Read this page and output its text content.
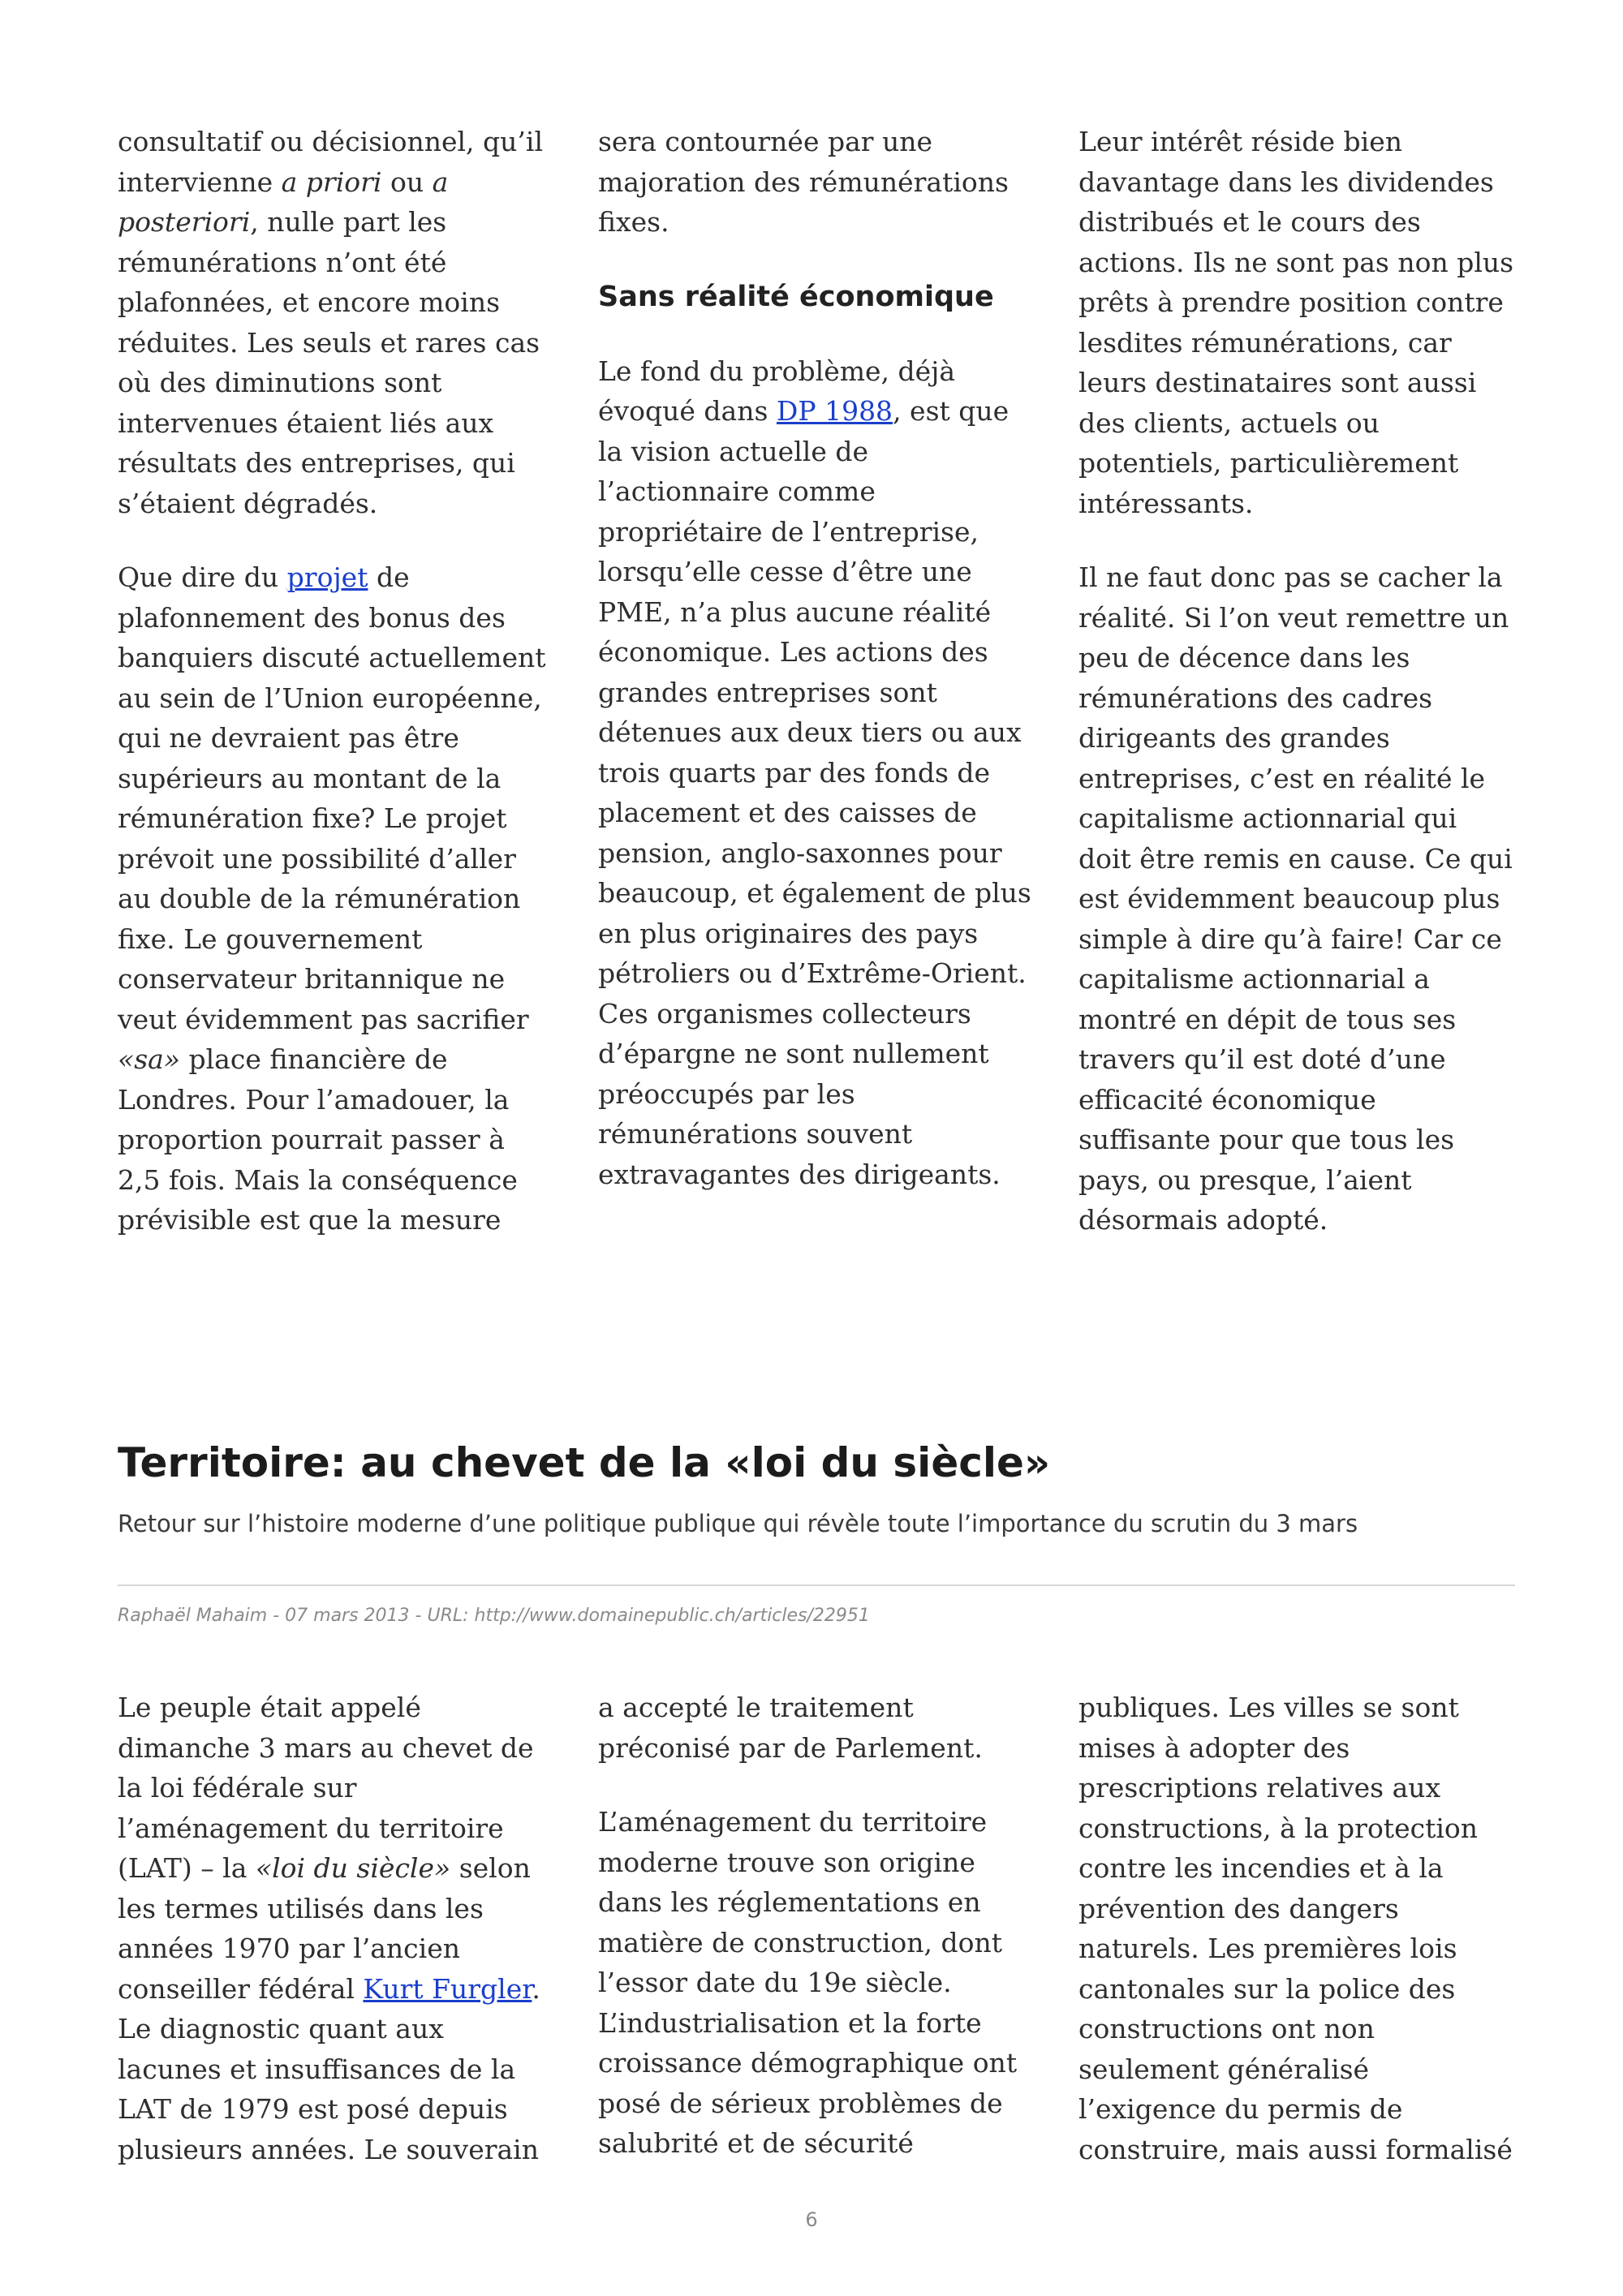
consultatif ou décisionnel, qu’il intervienne a priori ou a posteriori, nulle part les rémunérations n’ont été plafonnées, et encore moins réduites. Les seuls et rares cas où des diminutions sont intervenues étaient liés aux résultats des entreprises, qui s’étaient dégradés.

Que dire du projet de plafonnement des bonus des banquiers discuté actuellement au sein de l’Union européenne, qui ne devraient pas être supérieurs au montant de la rémunération fixe? Le projet prévoit une possibilité d’aller au double de la rémunération fixe. Le gouvernement conservateur britannique ne veut évidemment pas sacrifier «sa» place financière de Londres. Pour l’amadouer, la proportion pourrait passer à 2,5 fois. Mais la conséquence prévisible est que la mesure

sera contournée par une majoration des rémunérations fixes.

Sans réalité économique

Le fond du problème, déjà évoqué dans DP 1988, est que la vision actuelle de l’actionnaire comme propriétaire de l’entreprise, lorsqu’elle cesse d’être une PME, n’a plus aucune réalité économique. Les actions des grandes entreprises sont détenues aux deux tiers ou aux trois quarts par des fonds de placement et des caisses de pension, anglo-saxonnes pour beaucoup, et également de plus en plus originaires des pays pétroliers ou d’Extrême-Orient. Ces organismes collecteurs d’épargne ne sont nullement préoccupés par les rémunérations souvent extravagantes des dirigeants.

Leur intérêt réside bien davantage dans les dividendes distribués et le cours des actions. Ils ne sont pas non plus prêts à prendre position contre lesdites rémunérations, car leurs destinataires sont aussi des clients, actuels ou potentiels, particulièrement intéressants.

Il ne faut donc pas se cacher la réalité. Si l’on veut remettre un peu de décence dans les rémunérations des cadres dirigeants des grandes entreprises, c’est en réalité le capitalisme actionnarial qui doit être remis en cause. Ce qui est évidemment beaucoup plus simple à dire qu’à faire! Car ce capitalisme actionnarial a montré en dépit de tous ses travers qu’il est doté d’une efficacité économique suffisante pour que tous les pays, ou presque, l’aient désormais adopté.

Territoire: au chevet de la «loi du siècle»

Retour sur l’histoire moderne d’une politique publique qui révèle toute l’importance du scrutin du 3 mars

Raphaël Mahaim - 07 mars 2013 - URL: http://www.domainepublic.ch/articles/22951

Le peuple était appelé dimanche 3 mars au chevet de la loi fédérale sur l’aménagement du territoire (LAT) – la «loi du siècle» selon les termes utilisés dans les années 1970 par l’ancien conseiller fédéral Kurt Furgler. Le diagnostic quant aux lacunes et insuffisances de la LAT de 1979 est posé depuis plusieurs années. Le souverain

a accepté le traitement préconisé par de Parlement.

L’aménagement du territoire moderne trouve son origine dans les réglementations en matière de construction, dont l’essor date du 19e siècle. L’industrialisation et la forte croissance démographique ont posé de sérieux problèmes de salubrité et de sécurité

publiques. Les villes se sont mises à adopter des prescriptions relatives aux constructions, à la protection contre les incendies et à la prévention des dangers naturels. Les premières lois cantonales sur la police des constructions ont non seulement généralisé l’exigence du permis de construire, mais aussi formalisé

6
